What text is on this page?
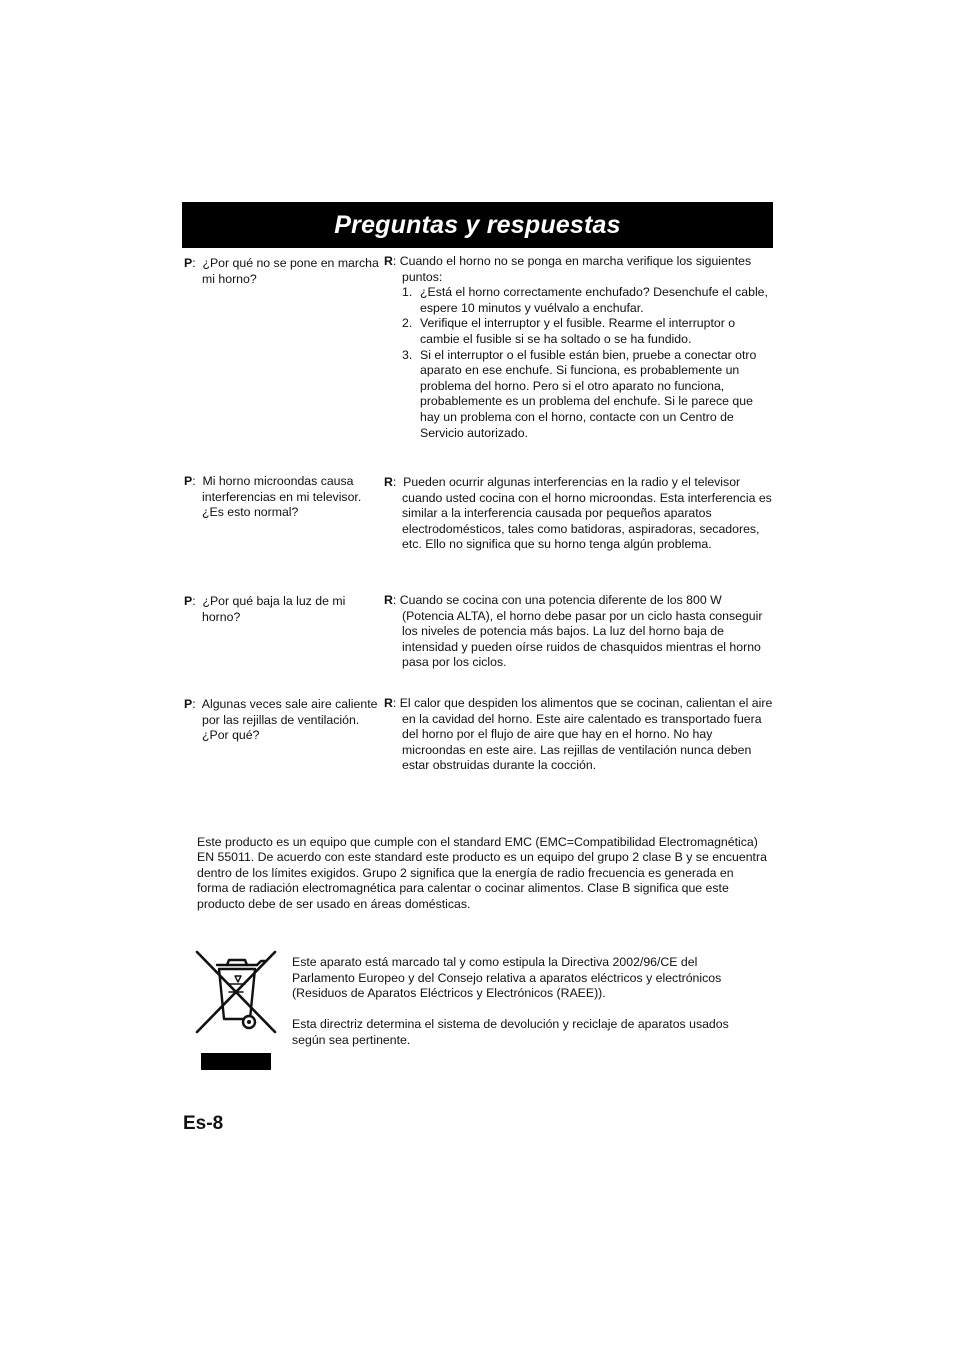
Preguntas y respuestas
P:  ¿Por qué no se pone en marcha mi horno?
R: Cuando el horno no se ponga en marcha verifique los siguientes puntos:
1. ¿Está el horno correctamente enchufado? Desenchufe el cable, espere 10 minutos y vuélvalo a enchufar.
2. Verifique el interruptor y el fusible. Rearme el interruptor o cambie el fusible si se ha soltado o se ha fundido.
3. Si el interruptor o el fusible están bien, pruebe a conectar otro aparato en ese enchufe. Si funciona, es probablemente un problema del horno. Pero si el otro aparato no funciona, probablemente es un problema del enchufe. Si le parece que hay un problema con el horno, contacte con un Centro de Servicio autorizado.
P:  Mi horno microondas causa interferencias en mi televisor. ¿Es esto normal?
R:  Pueden ocurrir algunas interferencias en la radio y el televisor cuando usted cocina con el horno microondas. Esta interferencia es similar a la interferencia causada por pequeños aparatos electrodomésticos, tales como batidoras, aspiradoras, secadores, etc. Ello no significa que su horno tenga algún problema.
P:  ¿Por qué baja la luz de mi horno?
R: Cuando se cocina con una potencia diferente de los 800 W (Potencia ALTA), el horno debe pasar por un ciclo hasta conseguir los niveles de potencia más bajos. La luz del horno baja de intensidad y pueden oírse ruidos de chasquidos mientras el horno pasa por los ciclos.
P:  Algunas veces sale aire caliente por las rejillas de ventilación. ¿Por qué?
R: El calor que despiden los alimentos que se cocinan, calientan el aire en la cavidad del horno. Este aire calentado es transportado fuera del horno por el flujo de aire que hay en el horno. No hay microondas en este aire. Las rejillas de ventilación nunca deben estar obstruidas durante la cocción.
Este producto es un equipo que cumple con el standard EMC (EMC=Compatibilidad Electromagnética) EN 55011. De acuerdo con este standard este producto es un equipo del grupo 2 clase B y se encuentra dentro de los límites exigidos. Grupo 2 significa que la energía de radio frecuencia es generada en forma de radiación electromagnética para calentar o cocinar alimentos. Clase B significa que este producto debe de ser usado en áreas domésticas.

Este aparato está marcado tal y como estipula la Directiva 2002/96/CE del Parlamento Europeo y del Consejo relativa a aparatos eléctricos y electrónicos (Residuos de Aparatos Eléctricos y Electrónicos (RAEE)).

Esta directriz determina el sistema de devolución y reciclaje de aparatos usados según sea pertinente.

Es-8
